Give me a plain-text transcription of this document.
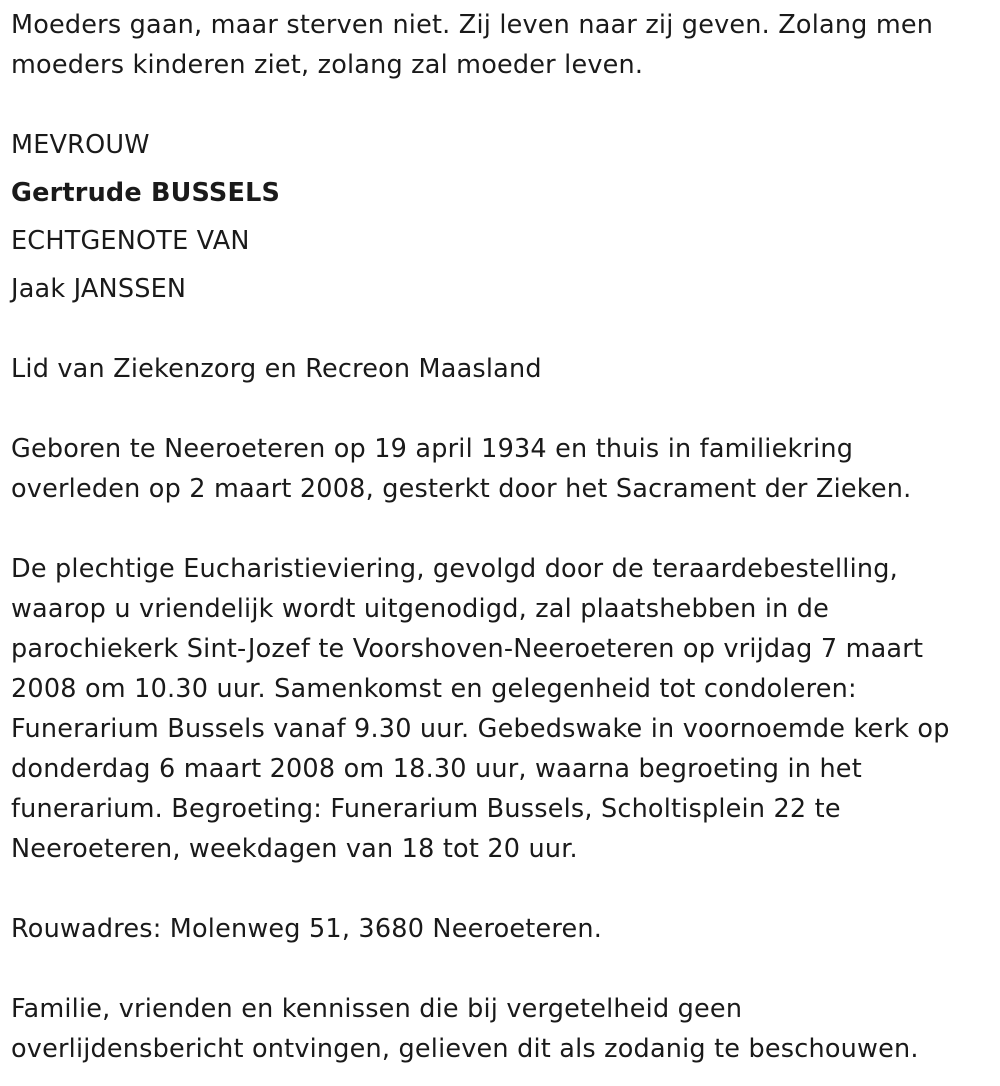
Moeders gaan, maar sterven niet. Zij leven naar zij geven. Zolang men
moeders kinderen ziet, zolang zal moeder leven.
MEVROUW
Gertrude BUSSELS
ECHTGENOTE VAN
Jaak JANSSEN
Lid van Ziekenzorg en Recreon Maasland
Geboren te Neeroeteren op 19 april 1934 en thuis in familiekring
overleden op 2 maart 2008, gesterkt door het Sacrament der Zieken.
De plechtige Eucharistieviering, gevolgd door de teraardebestelling,
waarop u vriendelijk wordt uitgenodigd, zal plaatshebben in de
parochiekerk Sint-Jozef te Voorshoven-Neeroeteren op vrijdag 7 maart
2008 om 10.30 uur. Samenkomst en gelegenheid tot condoleren:
Funerarium Bussels vanaf 9.30 uur. Gebedswake in voornoemde kerk op
donderdag 6 maart 2008 om 18.30 uur, waarna begroeting in het
funerarium. Begroeting: Funerarium Bussels, Scholtisplein 22 te
Neeroeteren, weekdagen van 18 tot 20 uur.
Rouwadres: Molenweg 51, 3680 Neeroeteren.
Familie, vrienden en kennissen die bij vergetelheid geen
overlijdensbericht ontvingen, gelieven dit als zodanig te beschouwen.
